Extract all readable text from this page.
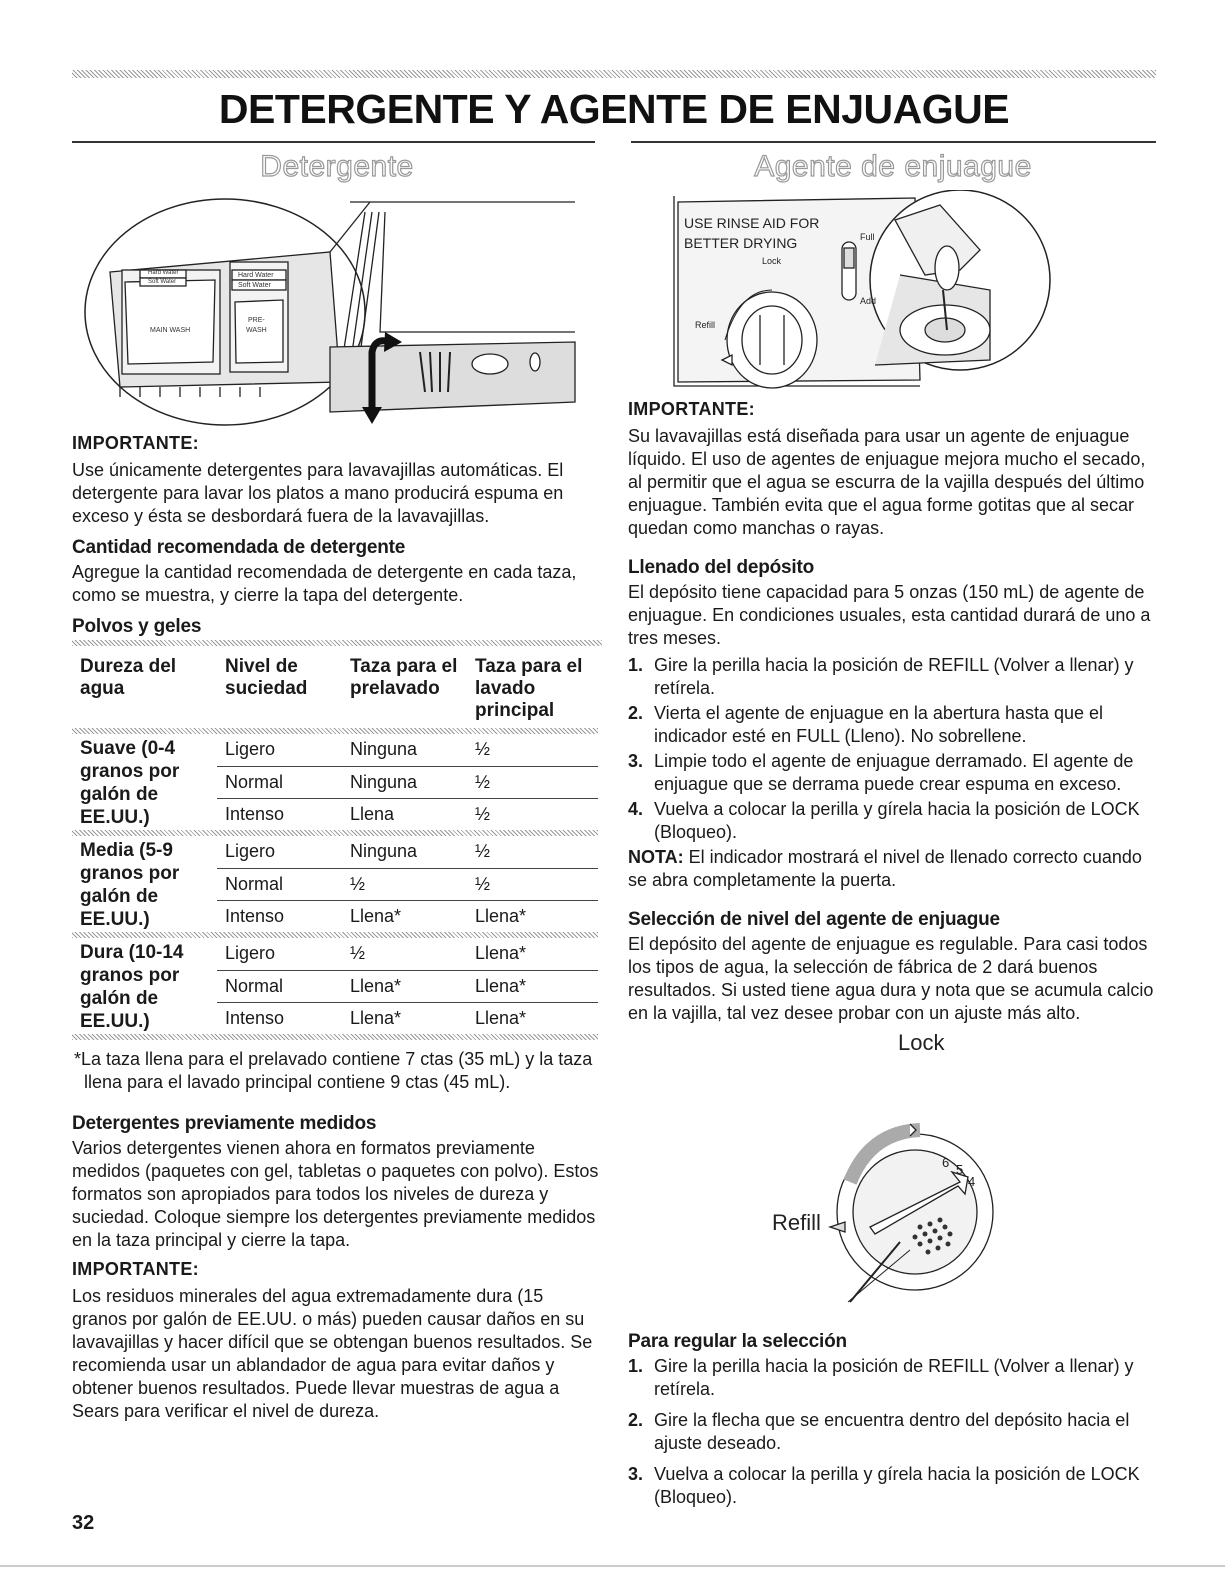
DETERGENTE Y AGENTE DE ENJUAGUE
Detergente	Agente de enjuague
Hard Water
Soft Water
Hard Water
Soft Water
MAIN WASH
PRE-
WASH
USE RINSE AID FOR
BETTER DRYING
Lock
Refill
Full
Add
IMPORTANTE:
Use únicamente detergentes para lavavajillas automáticas. El detergente para lavar los platos a mano producirá espuma en exceso y ésta se desbordará fuera de la lavavajillas.
Cantidad recomendada de detergente
Agregue la cantidad recomendada de detergente en cada taza, como se muestra, y cierre la tapa del detergente.
Polvos y geles
Dureza del agua	Nivel de suciedad	Taza para el prelavado	Taza para el lavado principal

Suave (0-4 granos por galón de EE.UU.)	Ligero	Ninguna	½
	Normal	Ninguna	½
	Intenso	Llena	½

Media (5-9 granos por galón de EE.UU.)	Ligero	Ninguna	½
	Normal	½	½
	Intenso	Llena*	Llena*

Dura (10-14 granos por galón de EE.UU.)	Ligero	½	Llena*
	Normal	Llena*	Llena*
	Intenso	Llena*	Llena*

*La taza llena para el prelavado contiene 7 ctas (35 mL) y la taza llena para el lavado principal contiene 9 ctas (45 mL).
Detergentes previamente medidos
Varios detergentes vienen ahora en formatos previamente medidos (paquetes con gel, tabletas o paquetes con polvo). Estos formatos son apropiados para todos los niveles de dureza y suciedad. Coloque siempre los detergentes previamente medidos en la taza principal y cierre la tapa.
IMPORTANTE:
Los residuos minerales del agua extremadamente dura (15 granos por galón de EE.UU. o más) pueden causar daños en su lavavajillas y hacer difícil que se obtengan buenos resultados. Se recomienda usar un ablandador de agua para evitar daños y obtener buenos resultados. Puede llevar muestras de agua a Sears para verificar el nivel de dureza.
IMPORTANTE:
Su lavavajillas está diseñada para usar un agente de enjuague líquido. El uso de agentes de enjuague mejora mucho el secado, al permitir que el agua se escurra de la vajilla después del último enjuague. También evita que el agua forme gotitas que al secar quedan como manchas o rayas.
Llenado del depósito
El depósito tiene capacidad para 5 onzas (150 mL) de agente de enjuague. En condiciones usuales, esta cantidad durará de uno a tres meses.
1. Gire la perilla hacia la posición de REFILL (Volver a llenar) y retírela.
2. Vierta el agente de enjuague en la abertura hasta que el indicador esté en FULL (Lleno). No sobrellene.
3. Limpie todo el agente de enjuague derramado. El agente de enjuague que se derrama puede crear espuma en exceso.
4. Vuelva a colocar la perilla y gírela hacia la posición de LOCK (Bloqueo).
NOTA: El indicador mostrará el nivel de llenado correcto cuando se abra completamente la puerta.
Selección de nivel del agente de enjuague
El depósito del agente de enjuague es regulable. Para casi todos los tipos de agua, la selección de fábrica de 2 dará buenos resultados. Si usted tiene agua dura y nota que se acumula calcio en la vajilla, tal vez desee probar con un ajuste más alto.
Lock
Refill
6 5
4
Para regular la selección
1. Gire la perilla hacia la posición de REFILL (Volver a llenar) y retírela.
2. Gire la flecha que se encuentra dentro del depósito hacia el ajuste deseado.
3. Vuelva a colocar la perilla y gírela hacia la posición de LOCK (Bloqueo).
32
